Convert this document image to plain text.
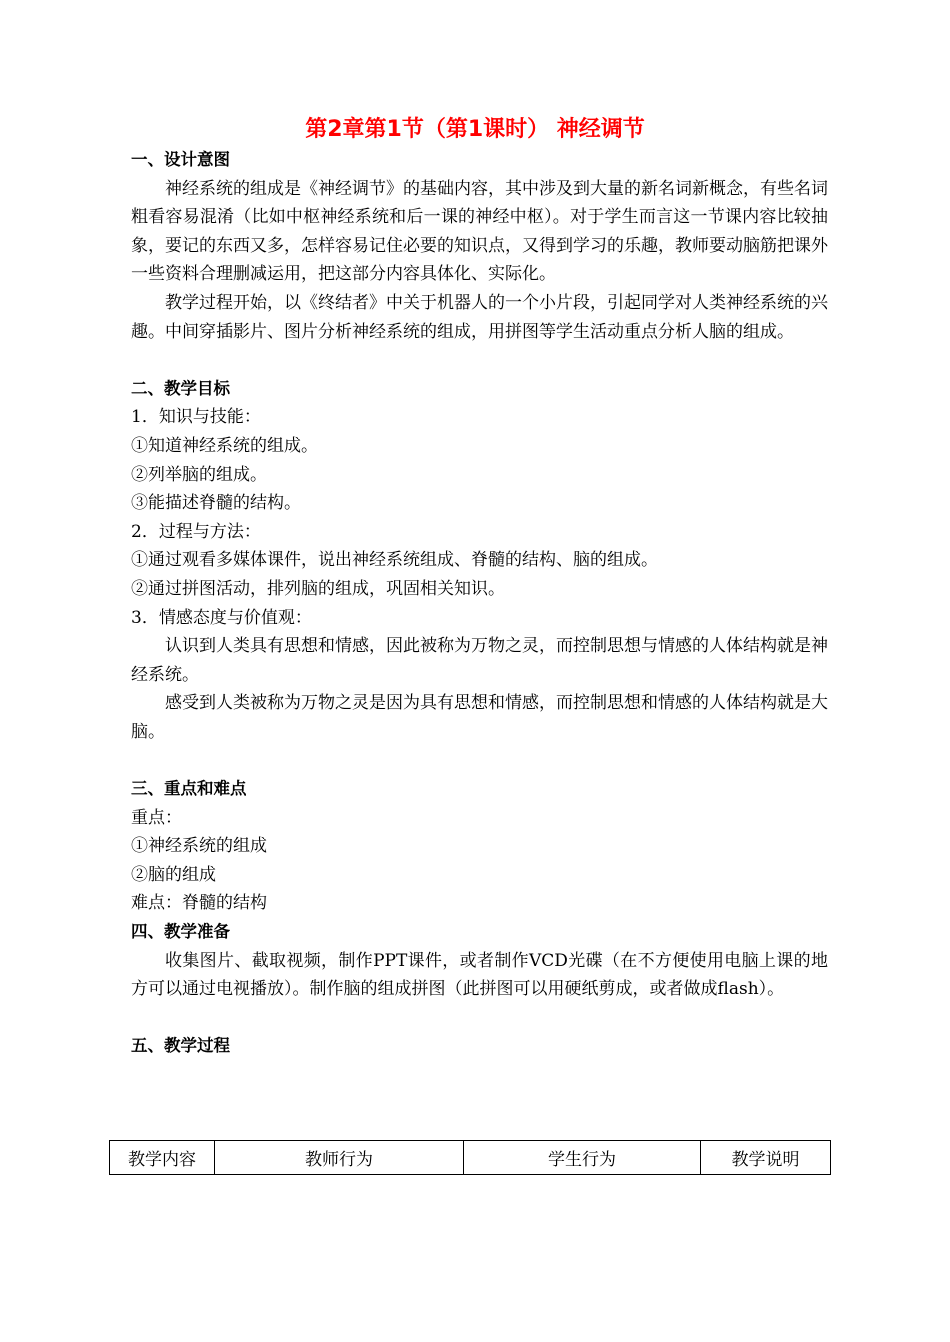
第2章第1节（第1课时） 神经调节
一、设计意图
神经系统的组成是《神经调节》的基础内容，其中涉及到大量的新名词新概念，有些名词粗看容易混淆（比如中枢神经系统和后一课的神经中枢）。对于学生而言这一节课内容比较抽象，要记的东西又多，怎样容易记住必要的知识点，又得到学习的乐趣，教师要动脑筋把课外一些资料合理删减运用，把这部分内容具体化、实际化。
教学过程开始，以《终结者》中关于机器人的一个小片段，引起同学对人类神经系统的兴趣。中间穿插影片、图片分析神经系统的组成，用拼图等学生活动重点分析人脑的组成。
二、教学目标
1．知识与技能：
①知道神经系统的组成。
②列举脑的组成。
③能描述脊髓的结构。
2．过程与方法：
①通过观看多媒体课件，说出神经系统组成、脊髓的结构、脑的组成。
②通过拼图活动，排列脑的组成，巩固相关知识。
3．情感态度与价值观：
认识到人类具有思想和情感，因此被称为万物之灵，而控制思想与情感的人体结构就是神经系统。
感受到人类被称为万物之灵是因为具有思想和情感，而控制思想和情感的人体结构就是大脑。
三、重点和难点
重点：
①神经系统的组成
②脑的组成
难点：脊髓的结构
四、教学准备
收集图片、截取视频，制作PPT课件，或者制作VCD光碟（在不方便使用电脑上课的地方可以通过电视播放）。制作脑的组成拼图（此拼图可以用硬纸剪成，或者做成flash）。
五、教学过程
教学内容	教师行为	学生行为	教学说明
